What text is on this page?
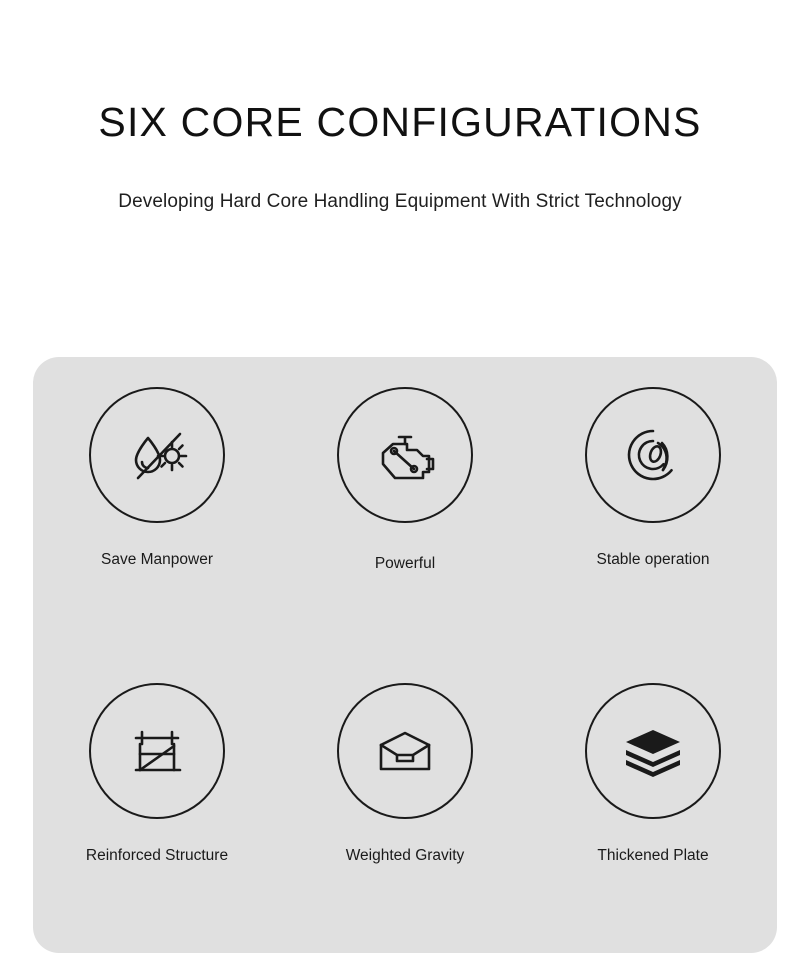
SIX CORE CONFIGURATIONS

Developing Hard Core Handling Equipment With Strict Technology

Save Manpower	Powerful	Stable operation
Reinforced Structure	Weighted Gravity	Thickened Plate
